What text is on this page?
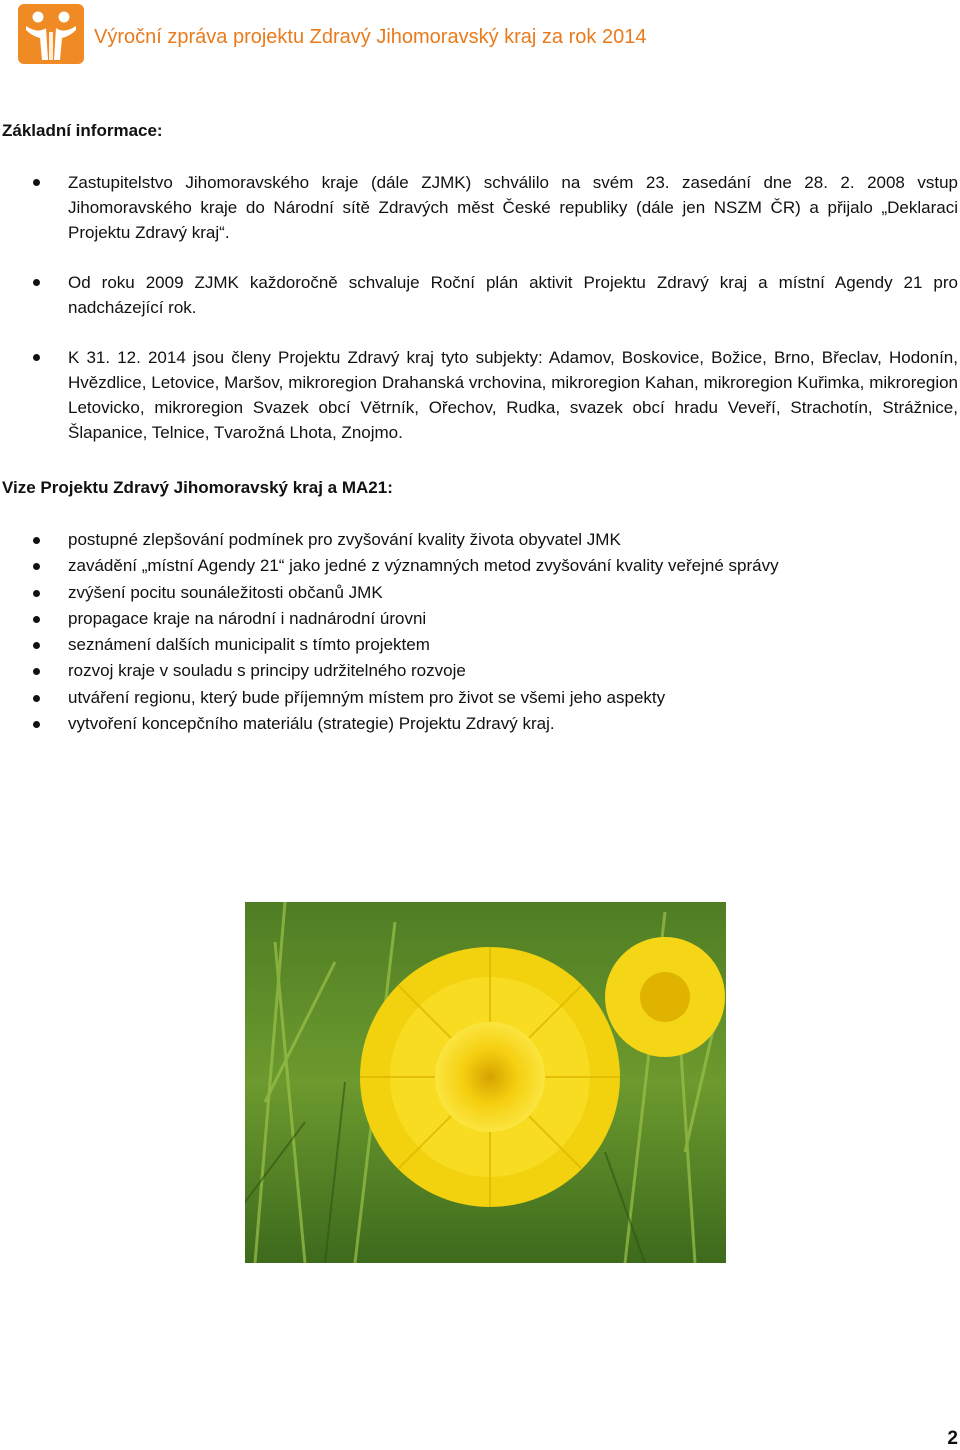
Výroční zpráva projektu Zdravý Jihomoravský kraj za rok 2014
Základní informace:
Zastupitelstvo Jihomoravského kraje (dále ZJMK) schválilo na svém 23. zasedání dne 28. 2. 2008 vstup Jihomoravského kraje do Národní sítě Zdravých měst České republiky (dále jen NSZM ČR) a přijalo „Deklaraci Projektu Zdravý kraj“.
Od roku 2009 ZJMK každoročně schvaluje Roční plán aktivit Projektu Zdravý kraj a místní Agendy 21 pro nadcházející rok.
K 31. 12. 2014 jsou členy Projektu Zdravý kraj tyto subjekty: Adamov, Boskovice, Božice, Brno, Břeclav, Hodonín, Hvězdlice, Letovice, Maršov, mikroregion Drahanská vrchovina, mikroregion Kahan, mikroregion Kuřimka, mikroregion Letovicko, mikroregion Svazek obcí Větrník, Ořechov, Rudka, svazek obcí hradu Veveří, Strachotín, Strážnice, Šlapanice, Telnice, Tvarožná Lhota, Znojmo.
Vize Projektu Zdravý Jihomoravský kraj a MA21:
postupné zlepšování podmínek pro zvyšování kvality života obyvatel JMK
zavádění „místní Agendy 21“ jako jedné z významných metod zvyšování kvality veřejné správy
zvýšení pocitu sounáležitosti občanů JMK
propagace kraje na národní i nadnárodní úrovni
seznámení dalších municipalit s tímto projektem
rozvoj kraje v souladu s principy udržitelného rozvoje
utváření regionu, který bude příjemným místem pro život se všemi jeho aspekty
vytvoření koncepčního materiálu (strategie) Projektu Zdravý kraj.
2
